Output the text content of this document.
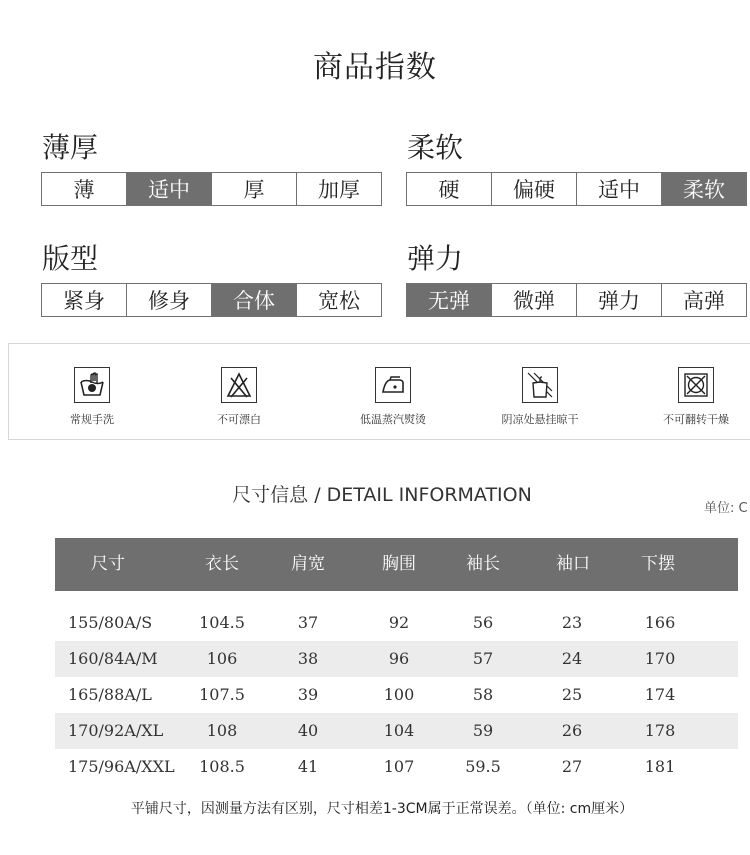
商品指数
薄厚
薄	适中	厚	加厚
柔软
硬	偏硬	适中	柔软
版型
紧身	修身	合体	宽松
弹力
无弹	微弹	弹力	高弹
常规手洗	不可漂白	低温蒸汽熨烫	阴凉处悬挂晾干	不可翻转干燥
尺寸信息 / DETAIL INFORMATION
单位: C
尺寸	衣长	肩宽	胸围	袖长	袖口	下摆
155/80A/S	104.5	37	92	56	23	166
160/84A/M	106	38	96	57	24	170
165/88A/L	107.5	39	100	58	25	174
170/92A/XL	108	40	104	59	26	178
175/96A/XXL 108.5	41	107	59.5	27	181
平铺尺寸，因测量方法有区别，尺寸相差1-3CM属于正常误差。（单位: cm厘米）
